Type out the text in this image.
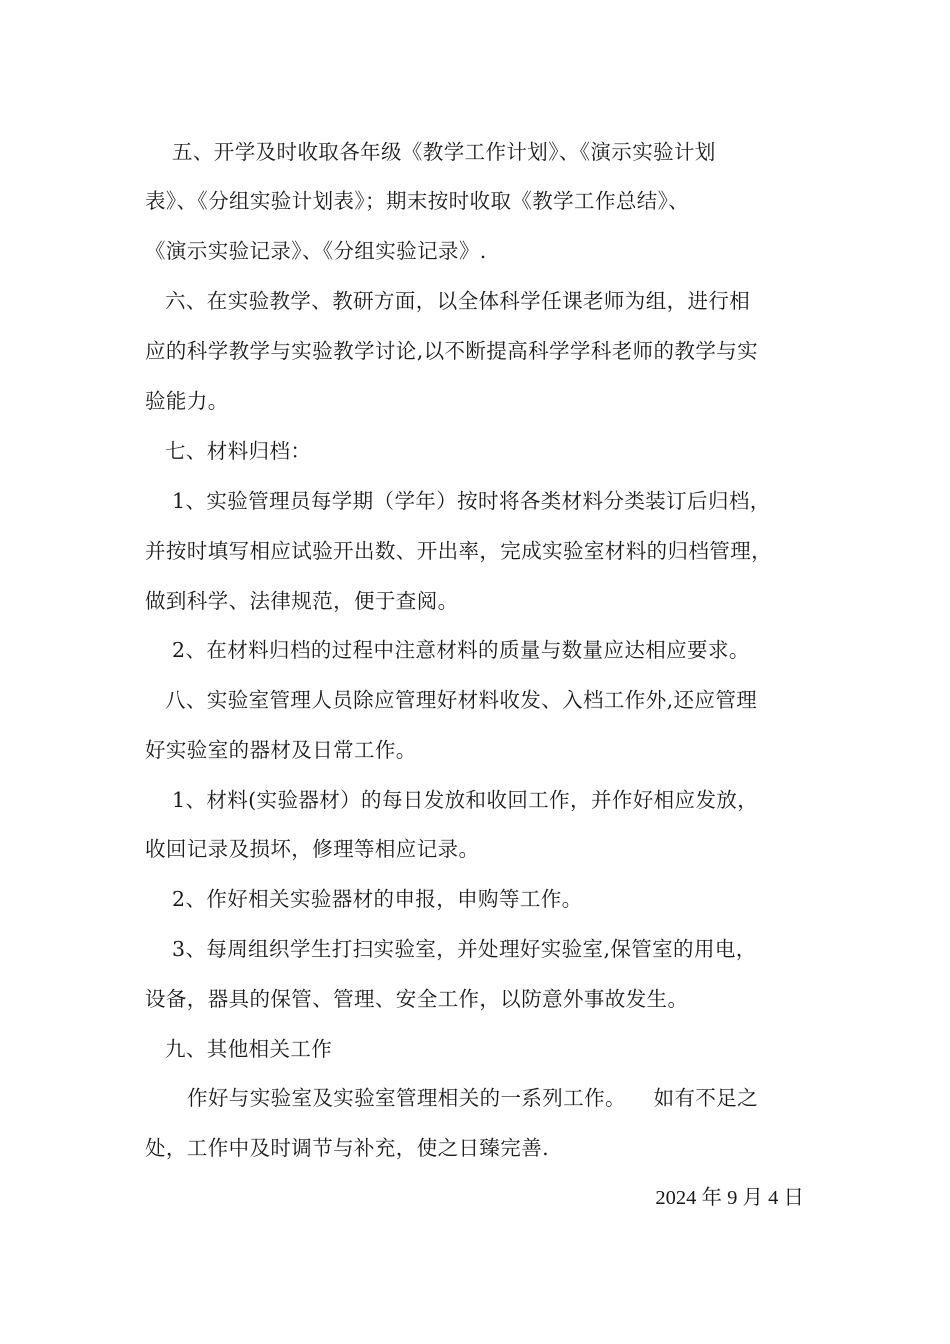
五、开学及时收取各年级《教学工作计划》、《演示实验计划
表》、《分组实验计划表》；期末按时收取《教学工作总结》、
《演示实验记录》、《分组实验记录》.
六、在实验教学、教研方面，以全体科学任课老师为组，进行相
应的科学教学与实验教学讨论,以不断提高科学学科老师的教学与实
验能力。
七、材料归档：
1、实验管理员每学期（学年）按时将各类材料分类装订后归档，
并按时填写相应试验开出数、开出率，完成实验室材料的归档管理，
做到科学、法律规范，便于查阅。
2、在材料归档的过程中注意材料的质量与数量应达相应要求。
八、实验室管理人员除应管理好材料收发、入档工作外,还应管理
好实验室的器材及日常工作。
1、材料(实验器材）的每日发放和收回工作，并作好相应发放，
收回记录及损坏，修理等相应记录。
2、作好相关实验器材的申报，申购等工作。
3、每周组织学生打扫实验室，并处理好实验室,保管室的用电，
设备，器具的保管、管理、安全工作，以防意外事故发生。
九、其他相关工作
作好与实验室及实验室管理相关的一系列工作。    如有不足之
处，工作中及时调节与补充，使之日臻完善.
2024 年 9 月 4 日
